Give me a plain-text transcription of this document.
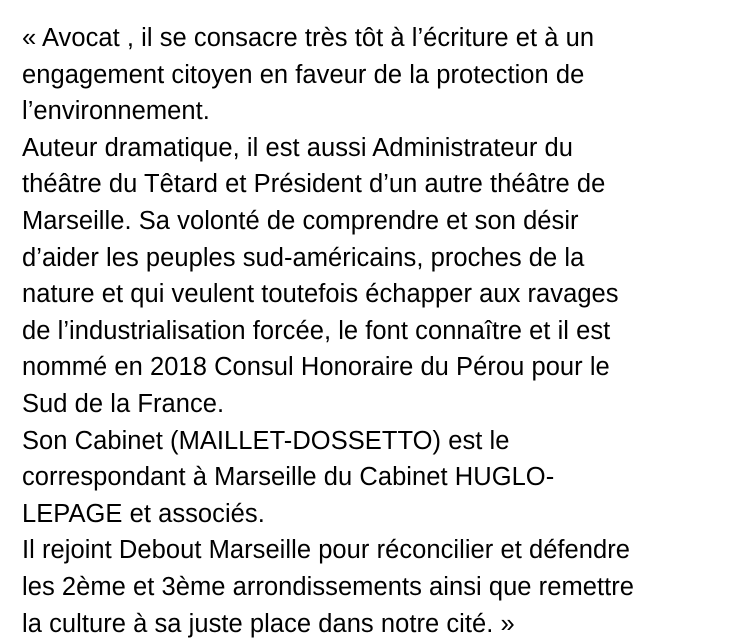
« Avocat , il se consacre très tôt à l’écriture et à un
engagement citoyen en faveur de la protection de
l’environnement.
Auteur dramatique, il est aussi Administrateur du
théâtre du Têtard et Président d’un autre théâtre de
Marseille. Sa volonté de comprendre et son désir
d’aider les peuples sud-américains, proches de la
nature et qui veulent toutefois échapper aux ravages
de l’industrialisation forcée, le font connaître et il est
nommé en 2018 Consul Honoraire du Pérou pour le
Sud de la France.
Son Cabinet (MAILLET-DOSSETTO) est le
correspondant à Marseille du Cabinet HUGLO-
LEPAGE et associés.
Il rejoint Debout Marseille pour réconcilier et défendre
les 2ème et 3ème arrondissements ainsi que remettre
la culture à sa juste place dans notre cité. »
